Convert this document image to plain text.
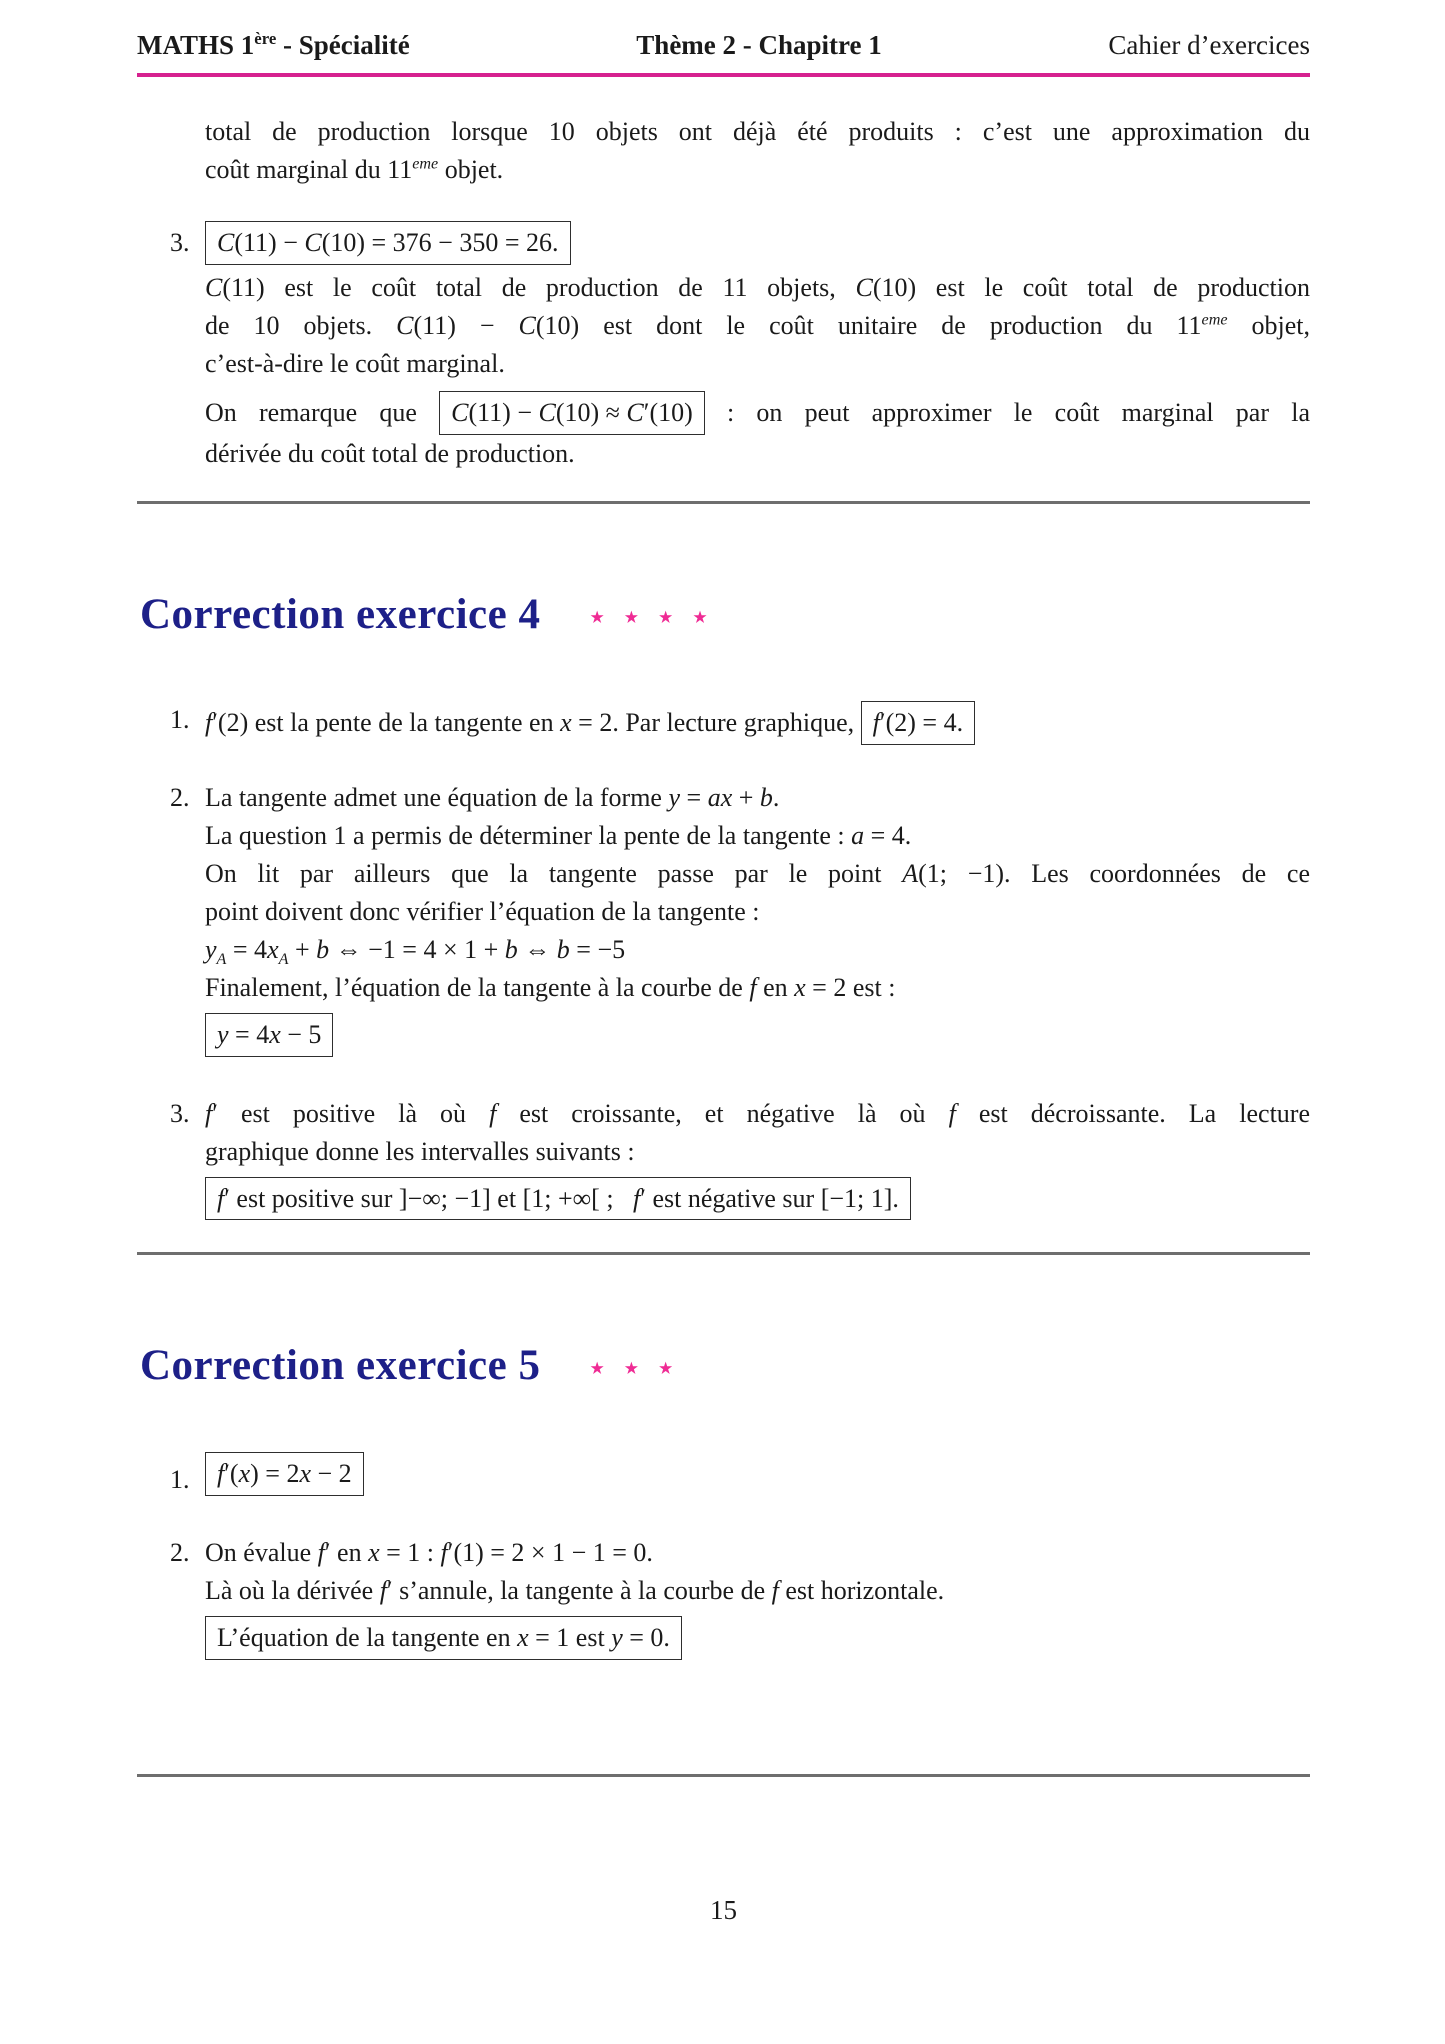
MATHS 1ère - Spécialité	Thème 2 - Chapitre 1	Cahier d’exercices
total de production lorsque 10 objets ont déjà été produits : c’est une approximation du
coût marginal du 11eme objet.
3.	C(11) − C(10) = 376 − 350 = 26.
C(11) est le coût total de production de 11 objets, C(10) est le coût total de production
de 10 objets. C(11) − C(10) est dont le coût unitaire de production du 11eme objet,
c’est-à-dire le coût marginal.
On remarque que C(11) − C(10) ≈ C′(10) : on peut approximer le coût marginal par la
dérivée du coût total de production.
Correction exercice 4 ⋆⋆⋆⋆
1. f′(2) est la pente de la tangente en x = 2. Par lecture graphique, f′(2) = 4.
2. La tangente admet une équation de la forme y = ax + b.
La question 1 a permis de déterminer la pente de la tangente : a = 4.
On lit par ailleurs que la tangente passe par le point A(1; −1). Les coordonnées de ce
point doivent donc vérifier l’équation de la tangente :
$y_A = 4x_A + b$ ⇔ −1 = 4 × 1 + b ⇔ b = −5
Finalement, l’équation de la tangente à la courbe de f en x = 2 est :
y = 4x − 5
3. f′ est positive là où f est croissante, et négative là où f est décroissante. La lecture
graphique donne les intervalles suivants :
f′ est positive sur ]−∞; −1] et [1; +∞[ ;  f′ est négative sur [−1; 1].
Correction exercice 5 ⋆⋆⋆
1.	f′(x) = 2x − 2
2. On évalue f′ en x = 1 : f′(1) = 2 × 1 − 1 = 0.
Là où la dérivée f′ s’annule, la tangente à la courbe de f est horizontale.
L’équation de la tangente en x = 1 est y = 0.
15
